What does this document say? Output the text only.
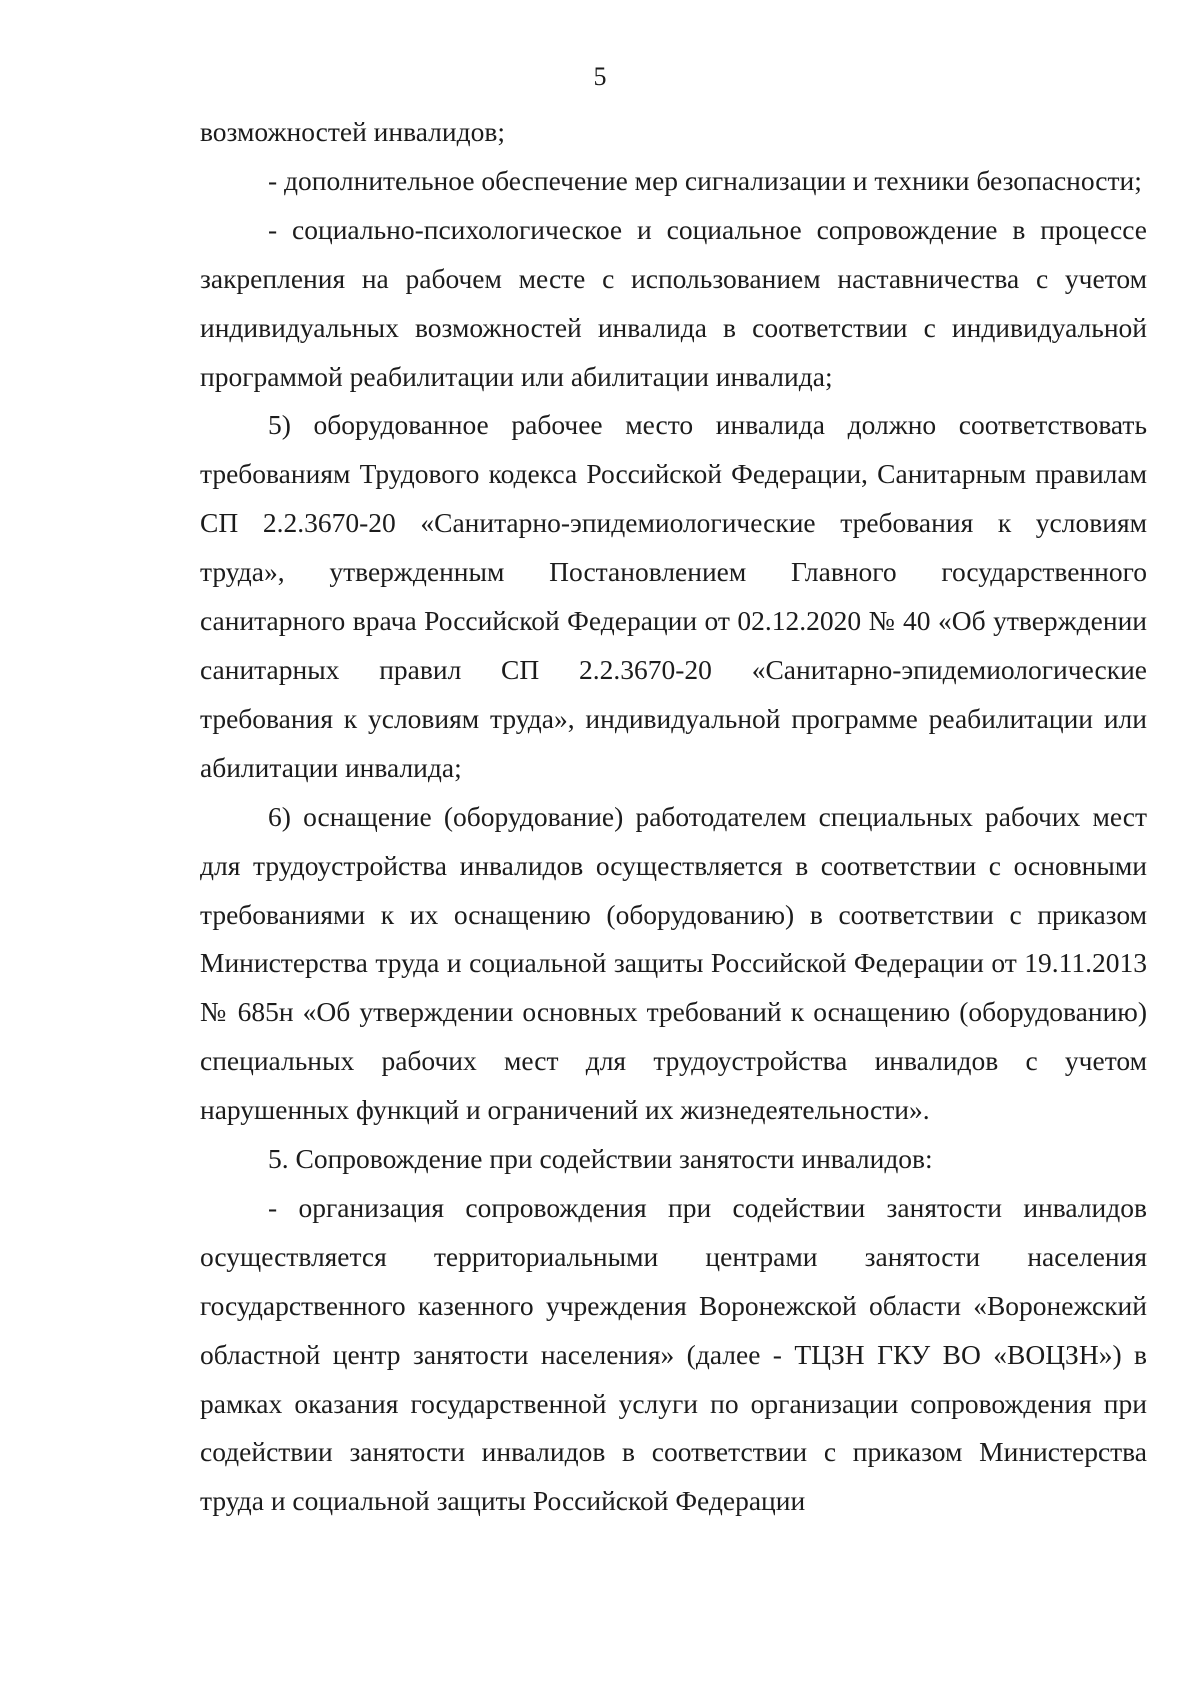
5

возможностей инвалидов;

- дополнительное обеспечение мер сигнализации и техники безопасности;

- социально-психологическое и социальное сопровождение в процессе закрепления на рабочем месте с использованием наставничества с учетом индивидуальных возможностей инвалида в соответствии с индивидуальной программой реабилитации или абилитации инвалида;

5) оборудованное рабочее место инвалида должно соответствовать требованиям Трудового кодекса Российской Федерации, Санитарным правилам СП 2.2.3670-20 «Санитарно-эпидемиологические требования к условиям труда», утвержденным Постановлением Главного государственного санитарного врача Российской Федерации от 02.12.2020 № 40 «Об утверждении санитарных правил СП 2.2.3670-20 «Санитарно-эпидемиологические требования к условиям труда», индивидуальной программе реабилитации или абилитации инвалида;

6) оснащение (оборудование) работодателем специальных рабочих мест для трудоустройства инвалидов осуществляется в соответствии с основными требованиями к их оснащению (оборудованию) в соответствии с приказом Министерства труда и социальной защиты Российской Федерации от 19.11.2013 № 685н «Об утверждении основных требований к оснащению (оборудованию) специальных рабочих мест для трудоустройства инвалидов с учетом нарушенных функций и ограничений их жизнедеятельности».

5. Сопровождение при содействии занятости инвалидов:

- организация сопровождения при содействии занятости инвалидов осуществляется территориальными центрами занятости населения государственного казенного учреждения Воронежской области «Воронежский областной центр занятости населения» (далее - ТЦЗН ГКУ ВО «ВОЦЗН») в рамках оказания государственной услуги по организации сопровождения при содействии занятости инвалидов в соответствии с приказом Министерства труда и социальной защиты Российской Федерации
